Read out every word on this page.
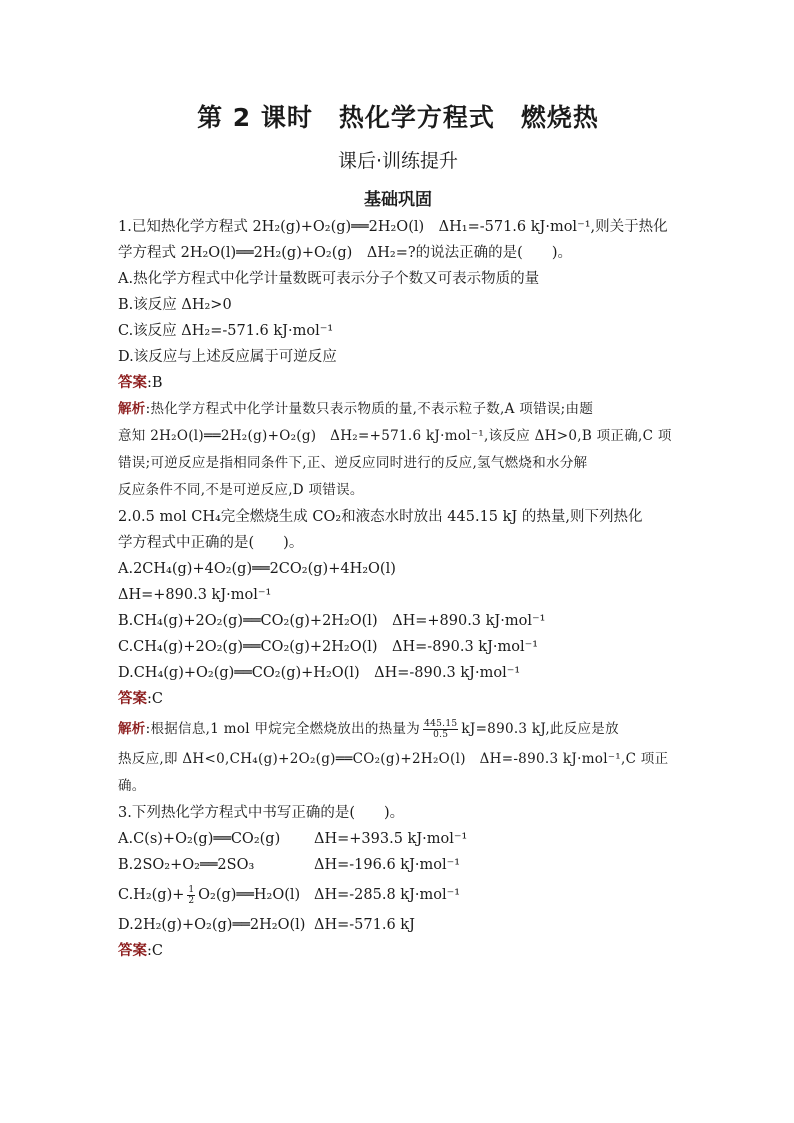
第 2 课时 热化学方程式 燃烧热
课后·训练提升
基础巩固
1.已知热化学方程式 2H₂(g)+O₂(g)══2H₂O(l)　ΔH₁=-571.6 kJ·mol⁻¹,则关于热化
学方程式 2H₂O(l)══2H₂(g)+O₂(g)　ΔH₂=?的说法正确的是(　　)。
A.热化学方程式中化学计量数既可表示分子个数又可表示物质的量
B.该反应 ΔH₂>0
C.该反应 ΔH₂=-571.6 kJ·mol⁻¹
D.该反应与上述反应属于可逆反应
答案:B
解析:热化学方程式中化学计量数只表示物质的量,不表示粒子数,A 项错误;由题
意知 2H₂O(l)══2H₂(g)+O₂(g)　ΔH₂=+571.6 kJ·mol⁻¹,该反应 ΔH>0,B 项正确,C 项
错误;可逆反应是指相同条件下,正、逆反应同时进行的反应,氢气燃烧和水分解
反应条件不同,不是可逆反应,D 项错误。
2.0.5 mol CH₄完全燃烧生成 CO₂和液态水时放出 445.15 kJ 的热量,则下列热化
学方程式中正确的是(　　)。
A.2CH₄(g)+4O₂(g)══2CO₂(g)+4H₂O(l)
ΔH=+890.3 kJ·mol⁻¹
B.CH₄(g)+2O₂(g)══CO₂(g)+2H₂O(l)　ΔH=+890.3 kJ·mol⁻¹
C.CH₄(g)+2O₂(g)══CO₂(g)+2H₂O(l)　ΔH=-890.3 kJ·mol⁻¹
D.CH₄(g)+O₂(g)══CO₂(g)+H₂O(l)　ΔH=-890.3 kJ·mol⁻¹
答案:C
解析:根据信息,1 mol 甲烷完全燃烧放出的热量为 $\frac{445.15}{0.5} kJ=890.3$ kJ,此反应是放
热反应,即 ΔH<0,CH₄(g)+2O₂(g)══CO₂(g)+2H₂O(l)　ΔH=-890.3 kJ·mol⁻¹,C 项正
确。
3.下列热化学方程式中书写正确的是(　　)。
A.C(s)+O₂(g)══CO₂(g) ΔH=+393.5 kJ·mol⁻¹
B.2SO₂+O₂══2SO₃	ΔH=-196.6 kJ·mol⁻¹
$C.H_2(g)+ \frac{1}{2}$ O₂(g)══H₂O(l) ΔH=-285.8 kJ·mol⁻¹
D.2H₂(g)+O₂(g)══2H₂O(l) ΔH=-571.6 kJ
答案:C
